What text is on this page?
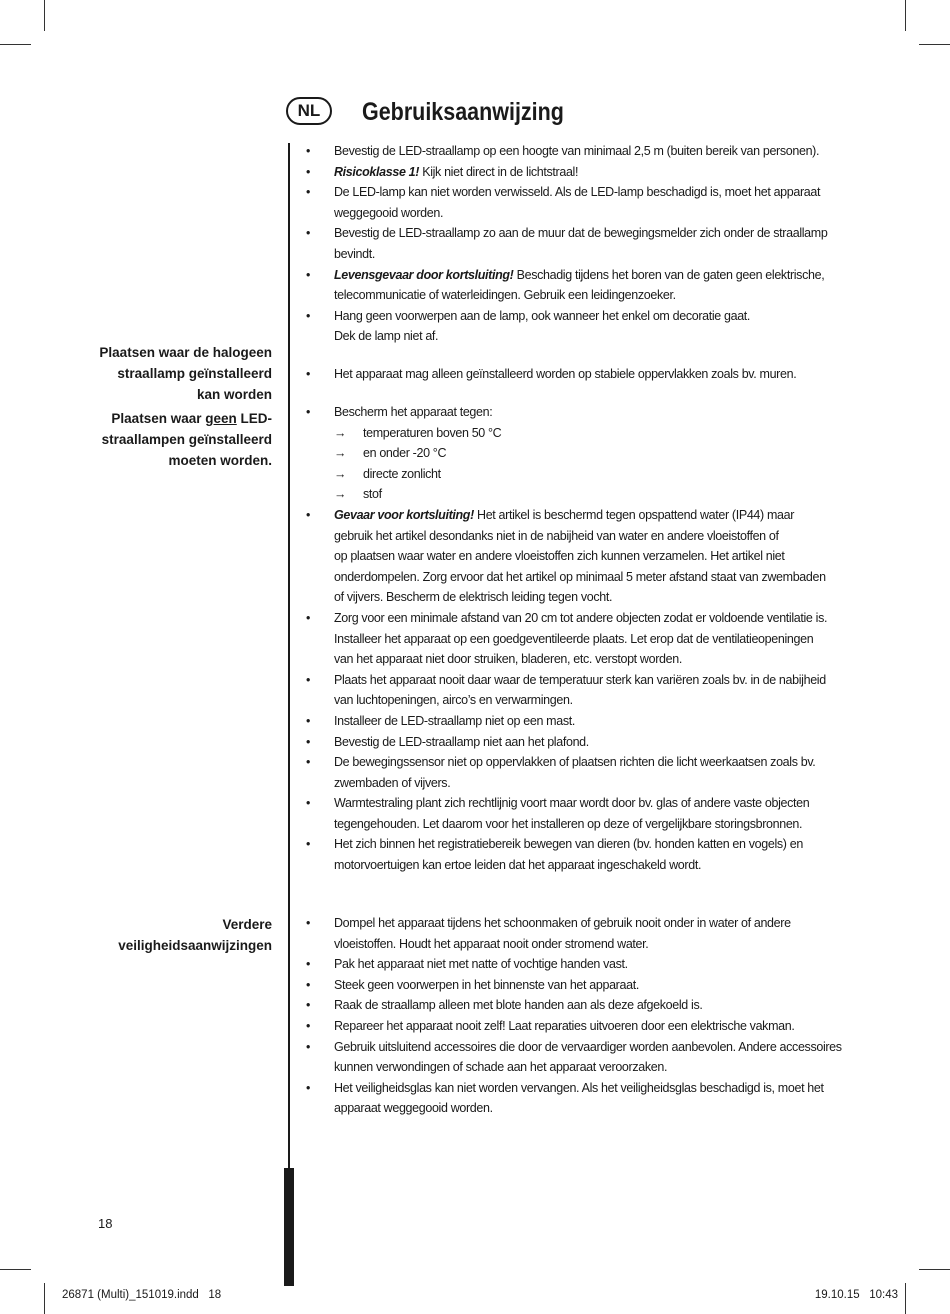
NL	Gebruiksaanwijzing
Plaatsen waar de halogeen
straallamp geïnstalleerd
kan worden
Plaatsen waar geen LED-
straallampen geïnstalleerd
moeten worden.
Verdere
veiligheidsaanwijzingen
• Bevestig de LED-straallamp op een hoogte van minimaal 2,5 m (buiten bereik van personen).
• Risicoklasse 1! Kijk niet direct in de lichtstraal!
• De LED-lamp kan niet worden verwisseld. Als de LED-lamp beschadigd is, moet het apparaat
weggegooid worden.
• Bevestig de LED-straallamp zo aan de muur dat de bewegingsmelder zich onder de straallamp
bevindt.
• Levensgevaar door kortsluiting! Beschadig tijdens het boren van de gaten geen elektrische,
telecommunicatie of waterleidingen. Gebruik een leidingenzoeker.
• Hang geen voorwerpen aan de lamp, ook wanneer het enkel om decoratie gaat.
Dek de lamp niet af.
• Het apparaat mag alleen geïnstalleerd worden op stabiele oppervlakken zoals bv. muren.
• Bescherm het apparaat tegen:
→ temperaturen boven 50 °C
→ en onder -20 °C
→ directe zonlicht
→ stof
• Gevaar voor kortsluiting! Het artikel is beschermd tegen opspattend water (IP44) maar
gebruik het artikel desondanks niet in de nabijheid van water en andere vloeistoffen of
op plaatsen waar water en andere vloeistoffen zich kunnen verzamelen. Het artikel niet
onderdompelen. Zorg ervoor dat het artikel op minimaal 5 meter afstand staat van zwembaden
of vijvers. Bescherm de elektrisch leiding tegen vocht.
• Zorg voor een minimale afstand van 20 cm tot andere objecten zodat er voldoende ventilatie is.
Installeer het apparaat op een goedgeventileerde plaats. Let erop dat de ventilatieopeningen
van het apparaat niet door struiken, bladeren, etc. verstopt worden.
• Plaats het apparaat nooit daar waar de temperatuur sterk kan variëren zoals bv. in de nabijheid
van luchtopeningen, airco’s en verwarmingen.
• Installeer de LED-straallamp niet op een mast.
• Bevestig de LED-straallamp niet aan het plafond.
• De bewegingssensor niet op oppervlakken of plaatsen richten die licht weerkaatsen zoals bv.
zwembaden of vijvers.
• Warmtestraling plant zich rechtlijnig voort maar wordt door bv. glas of andere vaste objecten
tegengehouden. Let daarom voor het installeren op deze of vergelijkbare storingsbronnen.
• Het zich binnen het registratiebereik bewegen van dieren (bv. honden katten en vogels) en
motorvoertuigen kan ertoe leiden dat het apparaat ingeschakeld wordt.
• Dompel het apparaat tijdens het schoonmaken of gebruik nooit onder in water of andere
vloeistoffen. Houdt het apparaat nooit onder stromend water.
• Pak het apparaat niet met natte of vochtige handen vast.
• Steek geen voorwerpen in het binnenste van het apparaat.
• Raak de straallamp alleen met blote handen aan als deze afgekoeld is.
• Repareer het apparaat nooit zelf! Laat reparaties uitvoeren door een elektrische vakman.
• Gebruik uitsluitend accessoires die door de vervaardiger worden aanbevolen. Andere accessoires
kunnen verwondingen of schade aan het apparaat veroorzaken.
• Het veiligheidsglas kan niet worden vervangen. Als het veiligheidsglas beschadigd is, moet het
apparaat weggegooid worden.
18
26871 (Multi)_151019.indd   18	19.10.15   10:43
